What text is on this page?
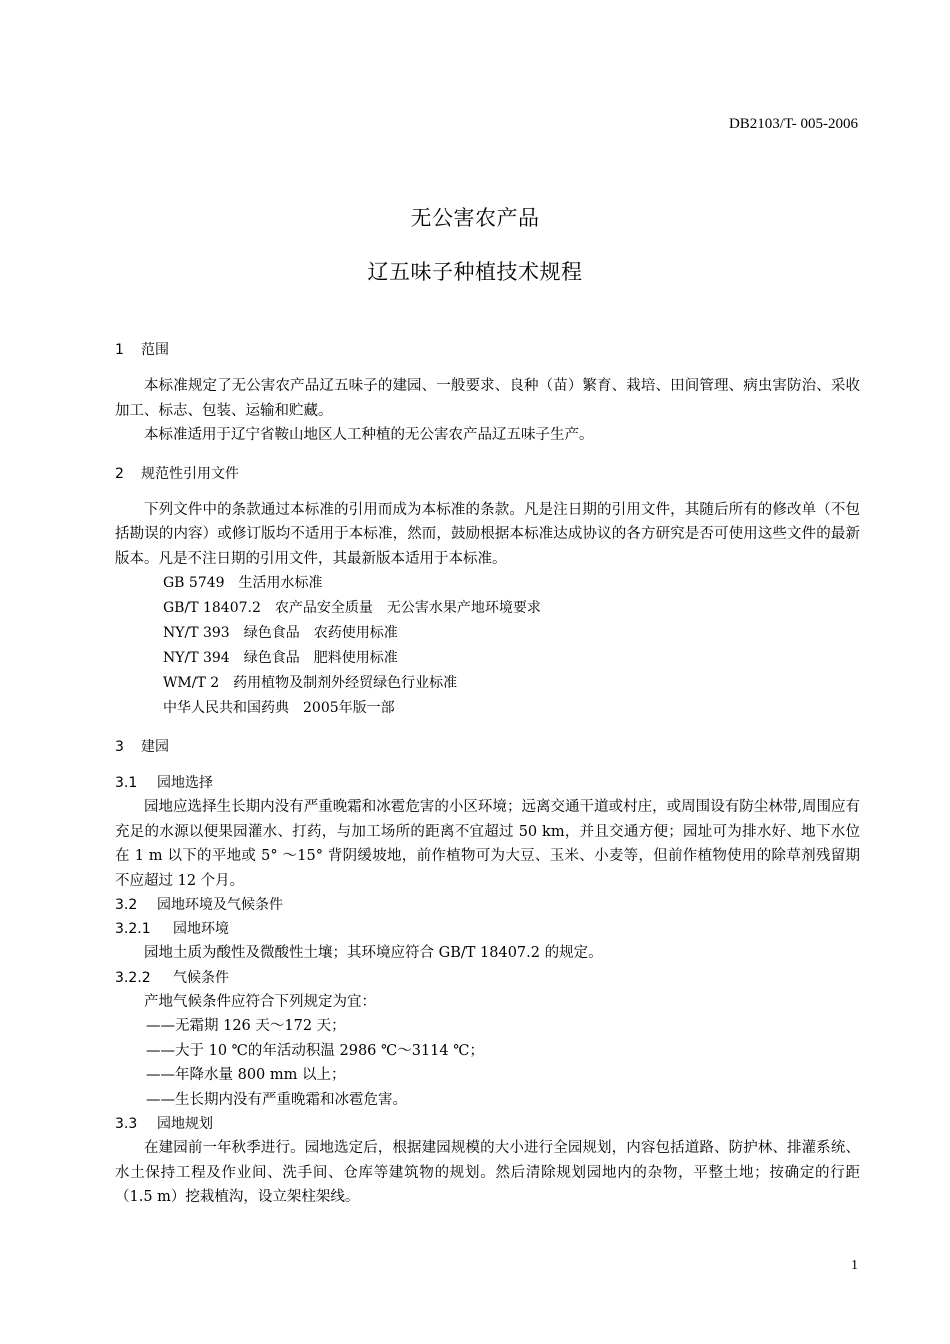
DB2103/T- 005-2006
无公害农产品
辽五味子种植技术规程
1 范围
本标准规定了无公害农产品辽五味子的建园、一般要求、良种（苗）繁育、栽培、田间管理、病虫害防治、采收加工、标志、包装、运输和贮藏。
本标准适用于辽宁省鞍山地区人工种植的无公害农产品辽五味子生产。
2 规范性引用文件
下列文件中的条款通过本标准的引用而成为本标准的条款。凡是注日期的引用文件，其随后所有的修改单（不包括勘误的内容）或修订版均不适用于本标准，然而，鼓励根据本标准达成协议的各方研究是否可使用这些文件的最新版本。凡是不注日期的引用文件，其最新版本适用于本标准。
GB 5749　生活用水标准
GB/T 18407.2　农产品安全质量　无公害水果产地环境要求
NY/T 393　绿色食品　农药使用标准
NY/T 394　绿色食品　肥料使用标准
WM/T 2　药用植物及制剂外经贸绿色行业标准
中华人民共和国药典　2005年版一部
3 建园
3.1 园地选择
园地应选择生长期内没有严重晚霜和冰雹危害的小区环境；远离交通干道或村庄，或周围设有防尘林带,周围应有充足的水源以便果园灌水、打药，与加工场所的距离不宜超过 50 km，并且交通方便；园址可为排水好、地下水位在 1 m 以下的平地或 5° ～15° 背阴缓坡地，前作植物可为大豆、玉米、小麦等，但前作植物使用的除草剂残留期不应超过 12 个月。
3.2 园地环境及气候条件
3.2.1 园地环境
园地土质为酸性及微酸性土壤；其环境应符合 GB/T 18407.2 的规定。
3.2.2 气候条件
产地气候条件应符合下列规定为宜：
——无霜期 126 天～172 天；
——大于 10 ℃的年活动积温 2986 ℃～3114 ℃；
——年降水量 800 mm 以上；
——生长期内没有严重晚霜和冰雹危害。
3.3 园地规划
在建园前一年秋季进行。园地选定后，根据建园规模的大小进行全园规划，内容包括道路、防护林、排灌系统、水土保持工程及作业间、洗手间、仓库等建筑物的规划。然后清除规划园地内的杂物，平整土地；按确定的行距（1.5 m）挖栽植沟，设立架柱架线。
1
